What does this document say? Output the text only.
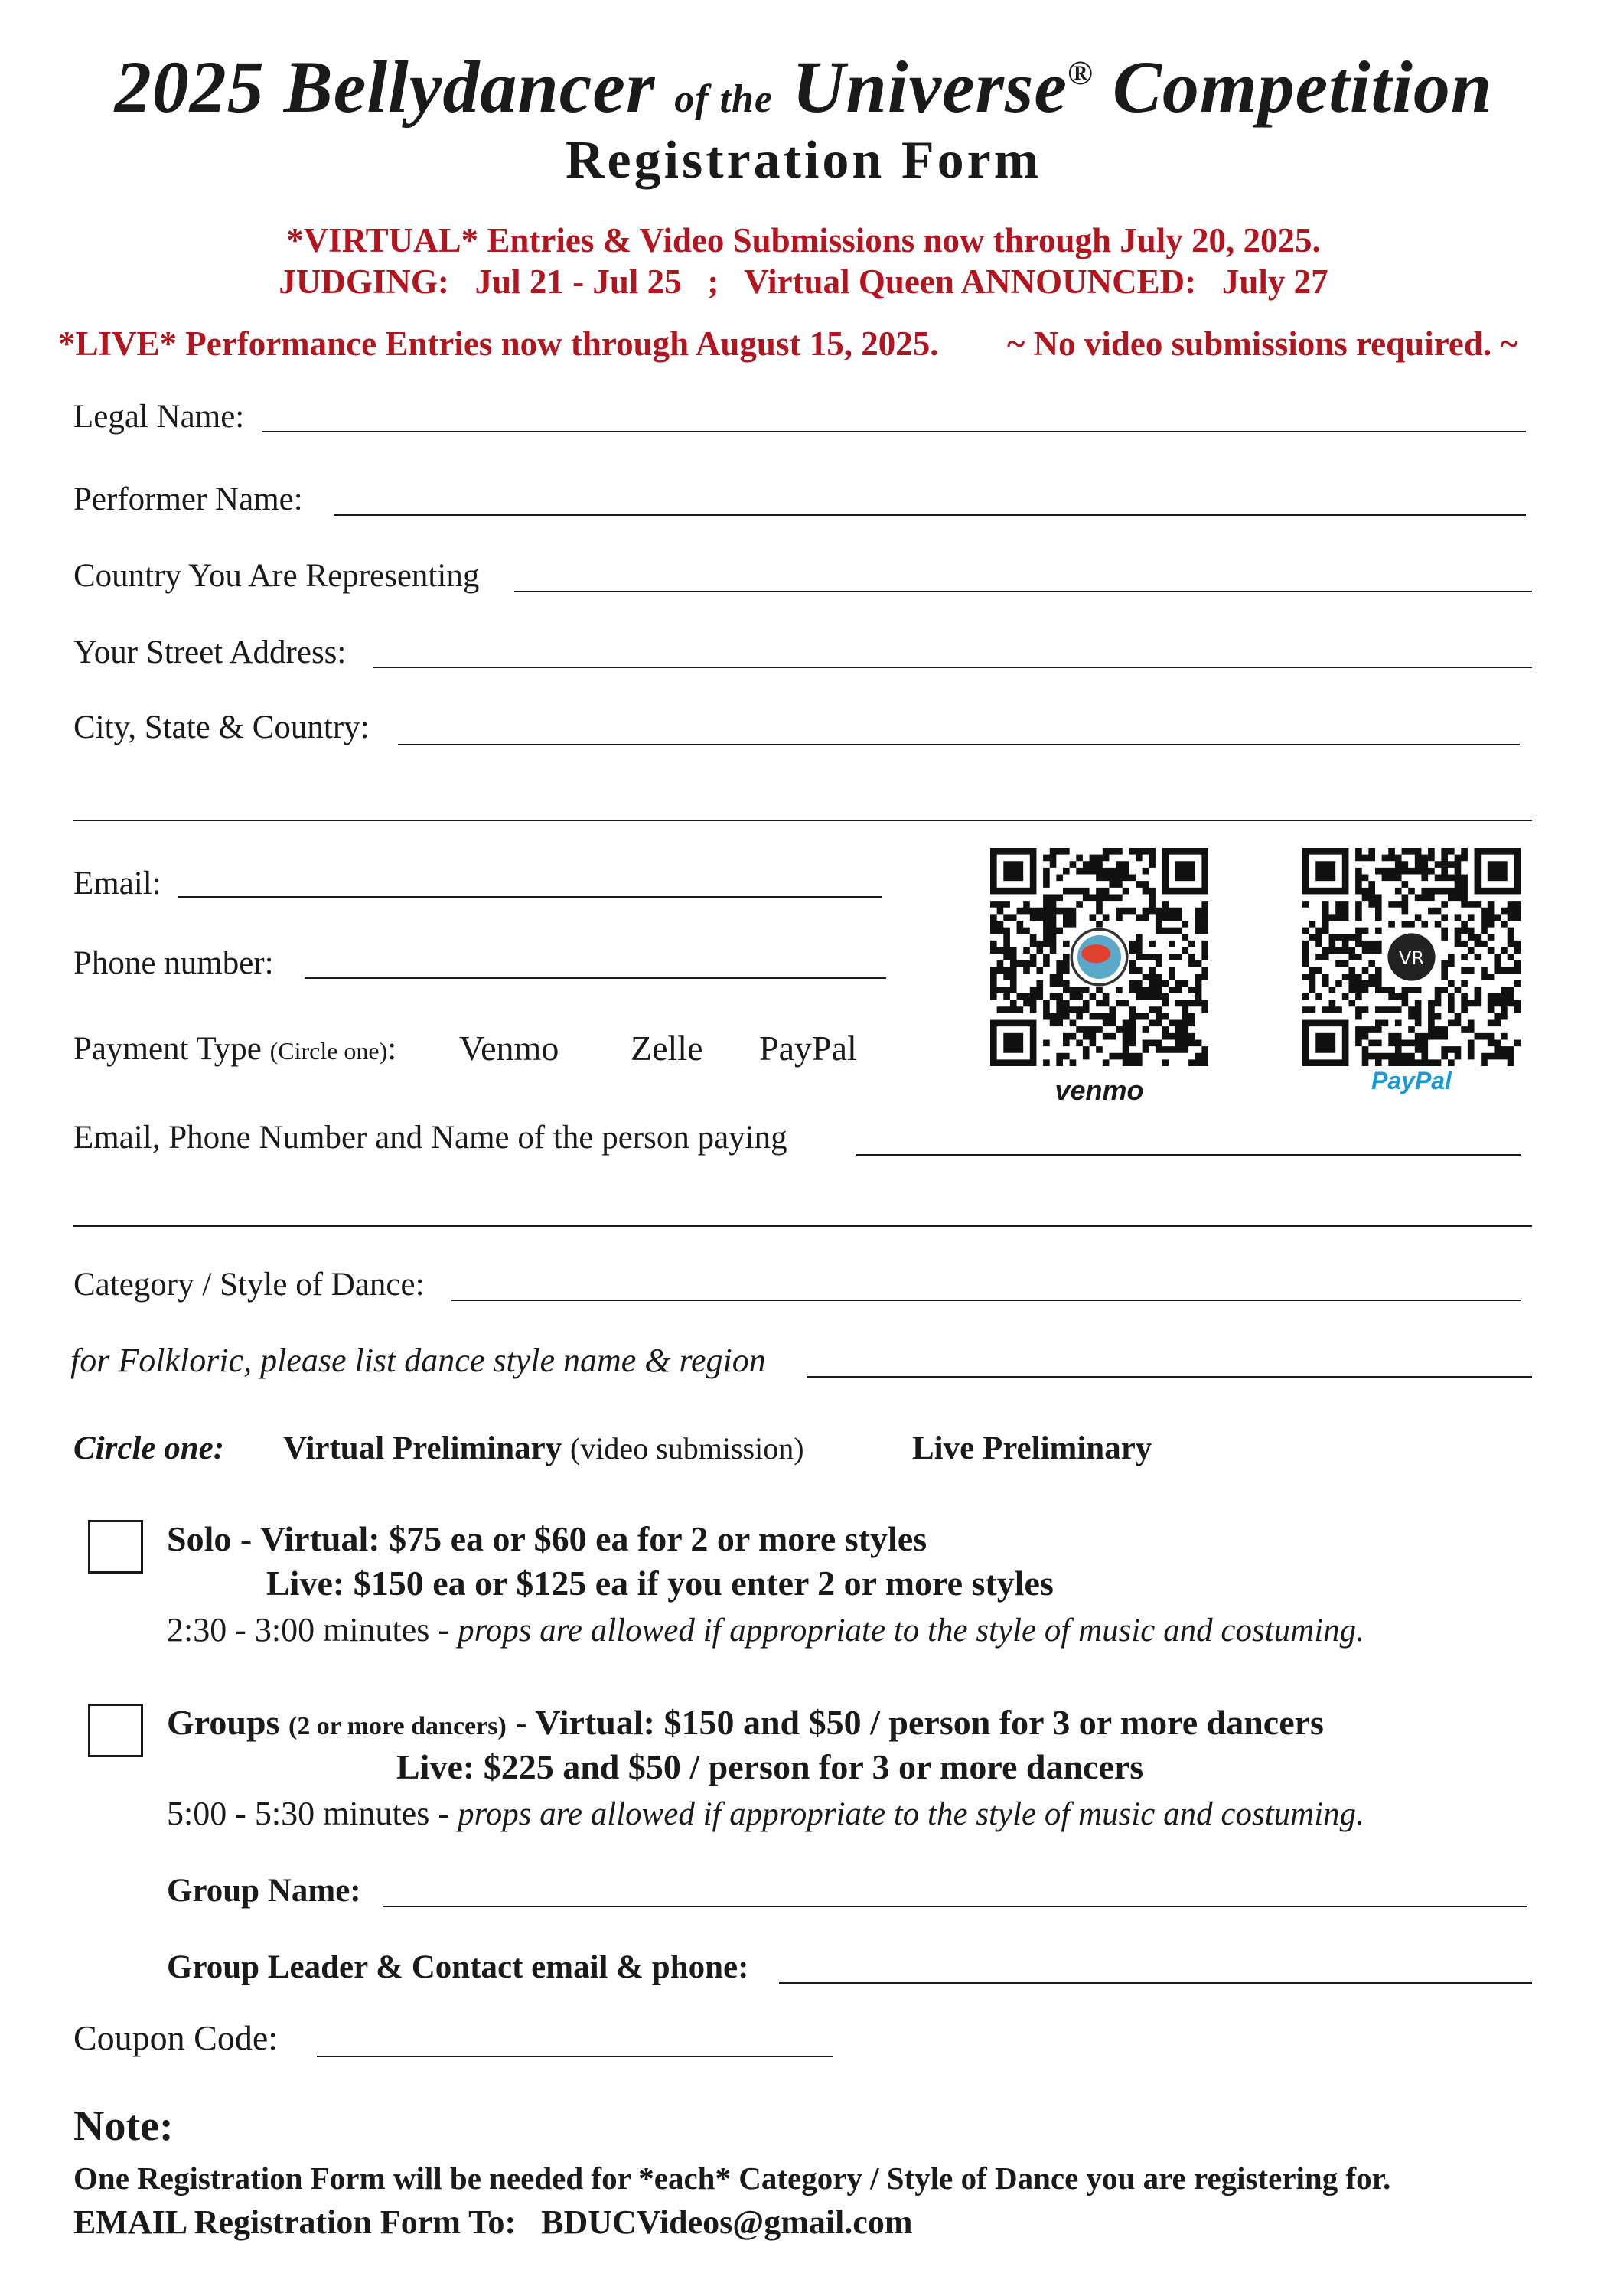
2025 Bellydancer of the Universe® Competition
Registration Form
*VIRTUAL* Entries & Video Submissions now through July 20, 2025.
JUDGING:   Jul 21 - Jul 25   ;   Virtual Queen ANNOUNCED:   July 27
*LIVE* Performance Entries now through August 15, 2025. ~ No video submissions required. ~
Legal Name:
Performer Name:
Country You Are Representing
Your Street Address:
City, State & Country:
Email:
Phone number:
Payment Type (Circle one): Venmo Zelle PayPal
venmo
VR
PayPal
Email, Phone Number and Name of the person paying
Category / Style of Dance:
for Folkloric, please list dance style name & region
Circle one: Virtual Preliminary (video submission)	Live Preliminary
Solo - Virtual: $75 ea or $60 ea for 2 or more styles
Live: $150 ea or $125 ea if you enter 2 or more styles
2:30 - 3:00 minutes - props are allowed if appropriate to the style of music and costuming.
Groups (2 or more dancers) - Virtual: $150 and $50 / person for 3 or more dancers
Live: $225 and $50 / person for 3 or more dancers
5:00 - 5:30 minutes - props are allowed if appropriate to the style of music and costuming.
Group Name:
Group Leader & Contact email & phone:
Coupon Code:
Note:
One Registration Form will be needed for *each* Category / Style of Dance you are registering for.
EMAIL Registration Form To: BDUCVideos@gmail.com
